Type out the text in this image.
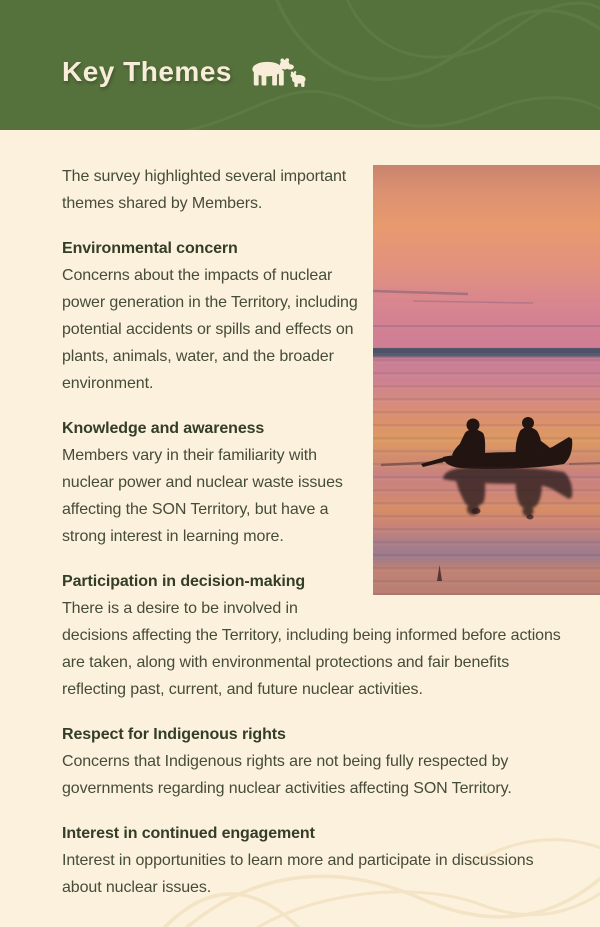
Key Themes

The survey highlighted several important themes shared by Members.

Environmental concern

Concerns about the impacts of nuclear power generation in the Territory, including potential accidents or spills and effects on plants, animals, water, and the broader environment.

Knowledge and awareness

Members vary in their familiarity with nuclear power and nuclear waste issues affecting the SON Territory, but have a strong interest in learning more.

Participation in decision-making

There is a desire to be involved in decisions affecting the Territory, including being informed before actions are taken, along with environmental protections and fair benefits reflecting past, current, and future nuclear activities.

Respect for Indigenous rights

Concerns that Indigenous rights are not being fully respected by governments regarding nuclear activities affecting SON Territory.

Interest in continued engagement

Interest in opportunities to learn more and participate in discussions about nuclear issues.
